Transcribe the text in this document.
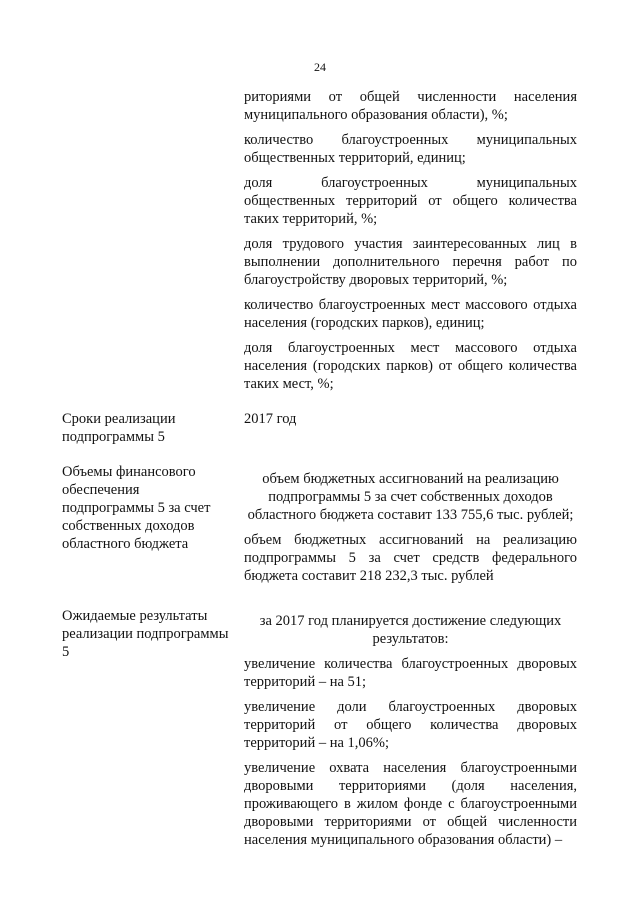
24

риториями от общей численности населения муниципального образования области), %;

количество благоустроенных муниципальных общественных территорий, единиц;

доля благоустроенных муниципальных общественных территорий от общего количества таких территорий, %;

доля трудового участия заинтересованных лиц в выполнении дополнительного перечня работ по благоустройству дворовых территорий, %;

количество благоустроенных мест массового отдыха населения (городских парков), единиц;

доля благоустроенных мест массового отдыха населения (городских парков) от общего количества таких мест, %;

Сроки реализации подпрограммы 5

2017 год

Объемы финансового обеспечения подпрограммы 5 за счет собственных доходов областного бюджета

объем бюджетных ассигнований на реализацию подпрограммы 5 за счет собственных доходов областного бюджета составит 133 755,6 тыс. рублей;

объем бюджетных ассигнований на реализацию подпрограммы 5 за счет средств федерального бюджета составит 218 232,3 тыс. рублей

Ожидаемые результаты реализации подпрограммы 5

за 2017 год планируется достижение следующих
результатов:

увеличение количества благоустроенных дворовых территорий – на 51;

увеличение доли благоустроенных дворовых территорий от общего количества дворовых территорий – на 1,06%;

увеличение охвата населения благоустроенными дворовыми территориями (доля населения, проживающего в жилом фонде с благоустроенными дворовыми территориями от общей численности населения муниципального образования области) –
